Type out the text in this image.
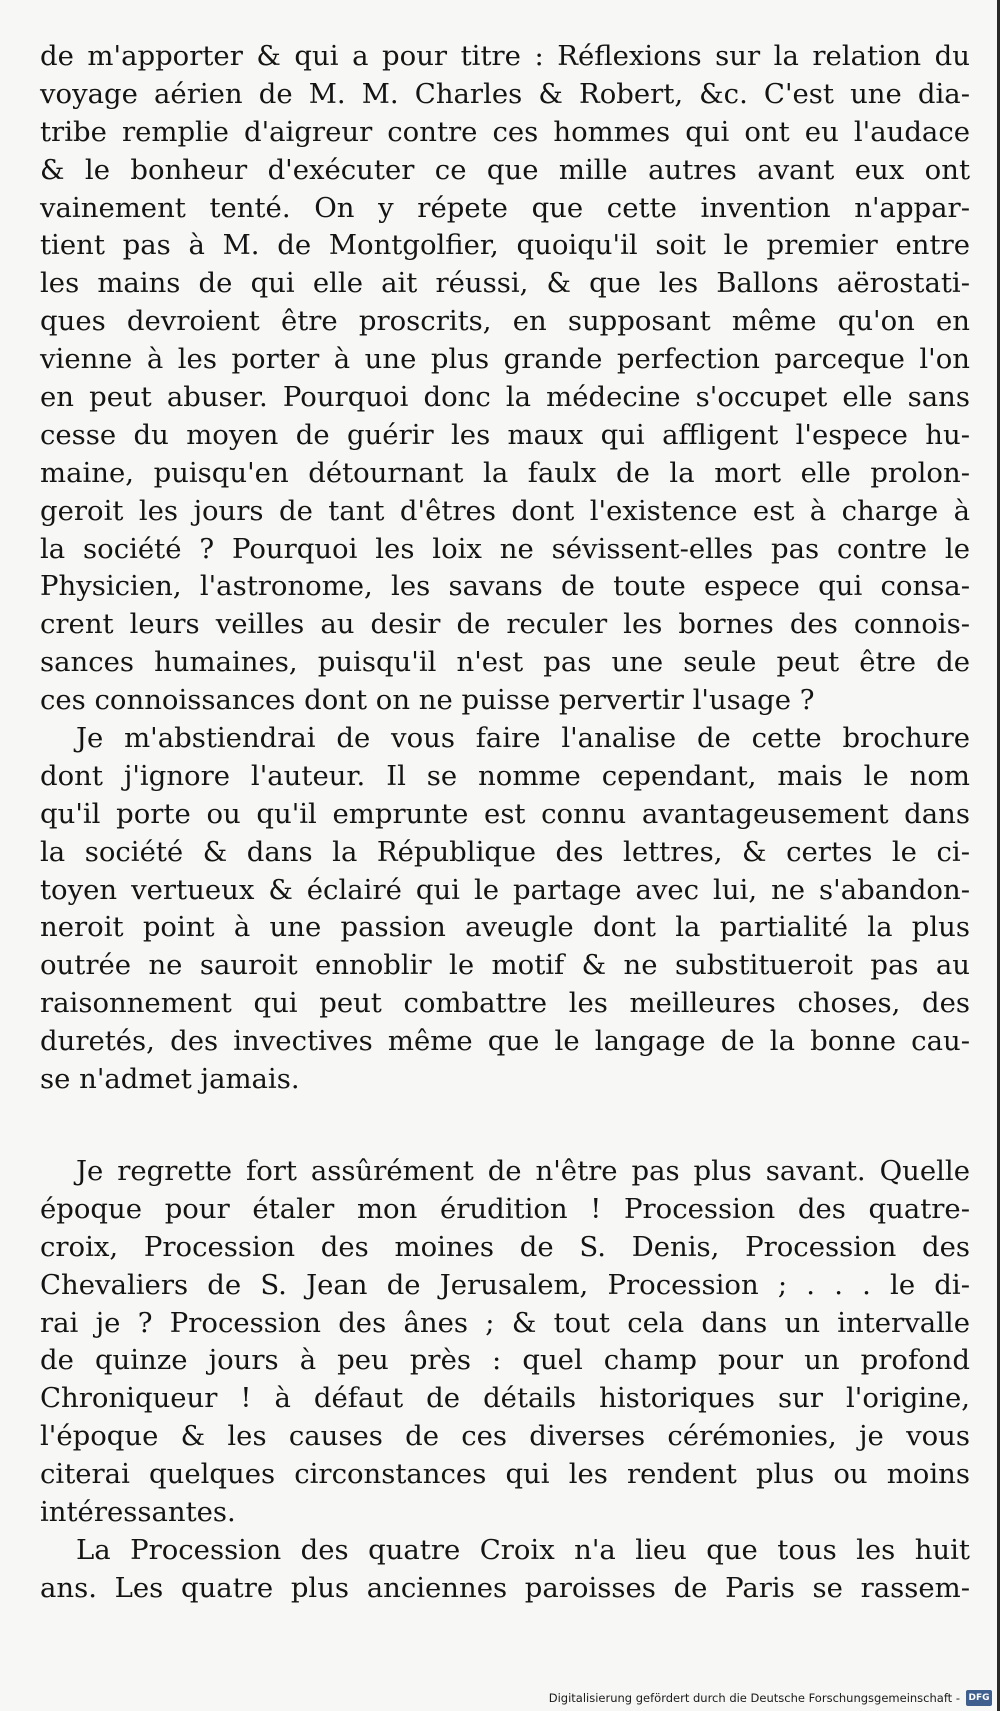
de m'apporter & qui a pour titre : Réflexions sur la relation du
voyage aérien de M. M. Charles & Robert, &c. C'est une dia-
tribe remplie d'aigreur contre ces hommes qui ont eu l'audace
& le bonheur d'exécuter ce que mille autres avant eux ont
vainement tenté. On y répete que cette invention n'appar-
tient pas à M. de Montgolfier, quoiqu'il soit le premier entre
les mains de qui elle ait réussi, & que les Ballons aërostati-
ques devroient être proscrits, en supposant même qu'on en
vienne à les porter à une plus grande perfection parceque l'on
en peut abuser. Pourquoi donc la médecine s'occupet elle sans
cesse du moyen de guérir les maux qui affligent l'espece hu-
maine, puisqu'en détournant la faulx de la mort elle prolon-
geroit les jours de tant d'êtres dont l'existence est à charge à
la société ? Pourquoi les loix ne sévissent-elles pas contre le
Physicien, l'astronome, les savans de toute espece qui consa-
crent leurs veilles au desir de reculer les bornes des connois-
sances humaines, puisqu'il n'est pas une seule peut être de
ces connoissances dont on ne puisse pervertir l'usage ?
Je m'abstiendrai de vous faire l'analise de cette brochure
dont j'ignore l'auteur. Il se nomme cependant, mais le nom
qu'il porte ou qu'il emprunte est connu avantageusement dans
la société & dans la République des lettres, & certes le ci-
toyen vertueux & éclairé qui le partage avec lui, ne s'abandon-
neroit point à une passion aveugle dont la partialité la plus
outrée ne sauroit ennoblir le motif & ne substitueroit pas au
raisonnement qui peut combattre les meilleures choses, des
duretés, des invectives même que le langage de la bonne cau-
se n'admet jamais.
Je regrette fort assûrément de n'être pas plus savant. Quelle
époque pour étaler mon érudition ! Procession des quatre-
croix, Procession des moines de S. Denis, Procession des
Chevaliers de S. Jean de Jerusalem, Procession ; . . . le di-
rai je ? Procession des ânes ; & tout cela dans un intervalle
de quinze jours à peu près : quel champ pour un profond
Chroniqueur ! à défaut de détails historiques sur l'origine,
l'époque & les causes de ces diverses cérémonies, je vous
citerai quelques circonstances qui les rendent plus ou moins
intéressantes.
La Procession des quatre Croix n'a lieu que tous les huit
ans. Les quatre plus anciennes paroisses de Paris se rassem-
Digitalisierung gefördert durch die Deutsche Forschungsgemeinschaft - DFG
